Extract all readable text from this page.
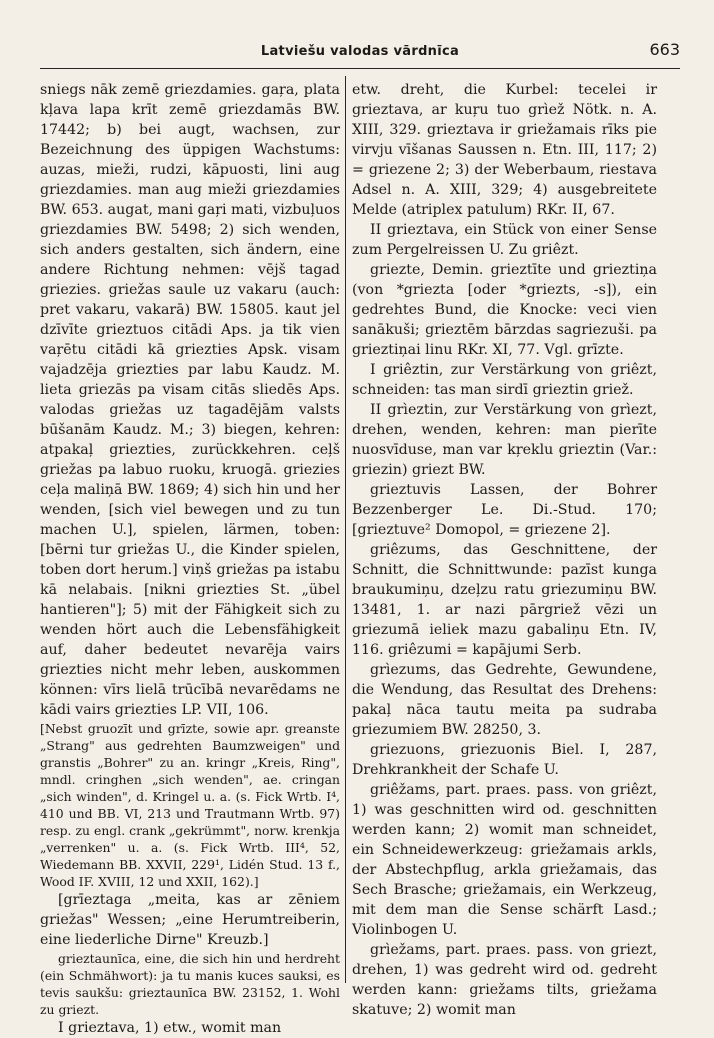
Latviešu valodas vārdnīca	663

sniegs nāk zemē griezdamies. gaŗa, plata kļava lapa krīt zemē griezdamās BW. 17442; b) bei augt, wachsen, zur Bezeichnung des üppigen Wachstums: auzas, mieži, rudzi, kāpuosti, lini aug griezdamies. man aug mieži griezdamies BW. 653. augat, mani gaŗi mati, vizbuļuos griezdamies BW. 5498; 2) sich wenden, sich anders gestalten, sich ändern, eine andere Richtung nehmen: vējš tagad griezies. griežas saule uz vakaru (auch: pret vakaru, vakarā) BW. 15805. kaut jel dzīvīte grieztuos citādi Aps. ja tik vien vaŗētu citādi kā griezties Apsk. visam vajadzēja griezties par labu Kaudz. M. lieta griezās pa visam citās sliedēs Aps. valodas griežas uz tagadējām valsts būšanām Kaudz. M.; 3) biegen, kehren: atpakaļ griezties, zurückkehren. ceļš griežas pa labuo ruoku, kruogā. griezies ceļa maliņā BW. 1869; 4) sich hin und her wenden, [sich viel bewegen und zu tun machen U.], spielen, lärmen, toben: [bērni tur griežas U., die Kinder spielen, toben dort herum.] viņš griežas pa istabu kā nelabais. [nikni griezties St. „übel hantieren"]; 5) mit der Fähigkeit sich zu wenden hört auch die Lebensfähigkeit auf, daher bedeutet nevarēja vairs griezties nicht mehr leben, auskommen können: vīrs lielā trūcībā nevarēdams ne kādi vairs griezties LP. VII, 106.

[Nebst gruozīt und grīzte, sowie apr. greanste „Strang" aus gedrehten Baumzweigen" und granstis „Bohrer" zu an. kringr „Kreis, Ring", mndl. cringhen „sich wenden", ae. cringan „sich winden", d. Kringel u. a. (s. Fick Wrtb. I⁴, 410 und BB. VI, 213 und Trautmann Wrtb. 97) resp. zu engl. crank „gekrümmt", norw. krenkja „verrenken" u. a. (s. Fick Wrtb. III⁴, 52, Wiedemann BB. XXVII, 229¹, Lidén Stud. 13 f., Wood IF. XVIII, 12 und XXII, 162).]

[grīeztaga „meita, kas ar zēniem griežas" Wessen; „eine Herumtreiberin, eine liederliche Dirne" Kreuzb.]

grieztaunīca, eine, die sich hin und herdreht (ein Schmähwort): ja tu manis kuces sauksi, es tevis saukšu: grieztaunīca BW. 23152, 1. Wohl zu griezt.

I grieztava, 1) etw., womit man

etw. dreht, die Kurbel: tecelei ir grieztava, ar kuŗu tuo grìež Nötk. n. A. XIII, 329. grieztava ir griežamais rīks pie virvju vīšanas Saussen n. Etn. III, 117; 2) = griezene 2; 3) der Weberbaum, riestava Adsel n. A. XIII, 329; 4) ausgebreitete Melde (atriplex patulum) RKr. II, 67.

II grieztava, ein Stück von einer Sense zum Pergelreissen U. Zu griêzt.

griezte, Demin. grieztīte und grieztiņa (von *griezta [oder *griezts, -s]), ein gedrehtes Bund, die Knocke: veci vien sanākuši; grieztēm bārzdas sagriezuši. pa grieztiņai linu RKr. XI, 77. Vgl. grīzte.

I griêztin, zur Verstärkung von griêzt, schneiden: tas man sirdī grieztin griež.

II grìeztin, zur Verstärkung von grìezt, drehen, wenden, kehren: man pierīte nuosvīduse, man var kŗeklu grieztin (Var.: griezin) griezt BW.

grieztuvis Lassen, der Bohrer Bezzenberger Le. Di.-Stud. 170; [grieztuve² Domopol, = griezene 2].

griêzums, das Geschnittene, der Schnitt, die Schnittwunde: pazīst kunga braukumiņu, dzeļzu ratu griezumiņu BW. 13481, 1. ar nazi pārgriež vēzi un griezumā ieliek mazu gabaliņu Etn. IV, 116. griêzumi = kapājumi Serb.

grìezums, das Gedrehte, Gewundene, die Wendung, das Resultat des Drehens: pakaļ nāca tautu meita pa sudraba griezumiem BW. 28250, 3.

griezuons, griezuonis Biel. I, 287, Drehkrankheit der Schafe U.

griêžams, part. praes. pass. von griêzt, 1) was geschnitten wird od. geschnitten werden kann; 2) womit man schneidet, ein Schneidewerkzeug: griežamais arkls, der Abstechpflug, arkla griežamais, das Sech Brasche; griežamais, ein Werkzeug, mit dem man die Sense schärft Lasd.; Violinbogen U.

grìežams, part. praes. pass. von griezt, drehen, 1) was gedreht wird od. gedreht werden kann: griežams tilts, griežama skatuve; 2) womit man
